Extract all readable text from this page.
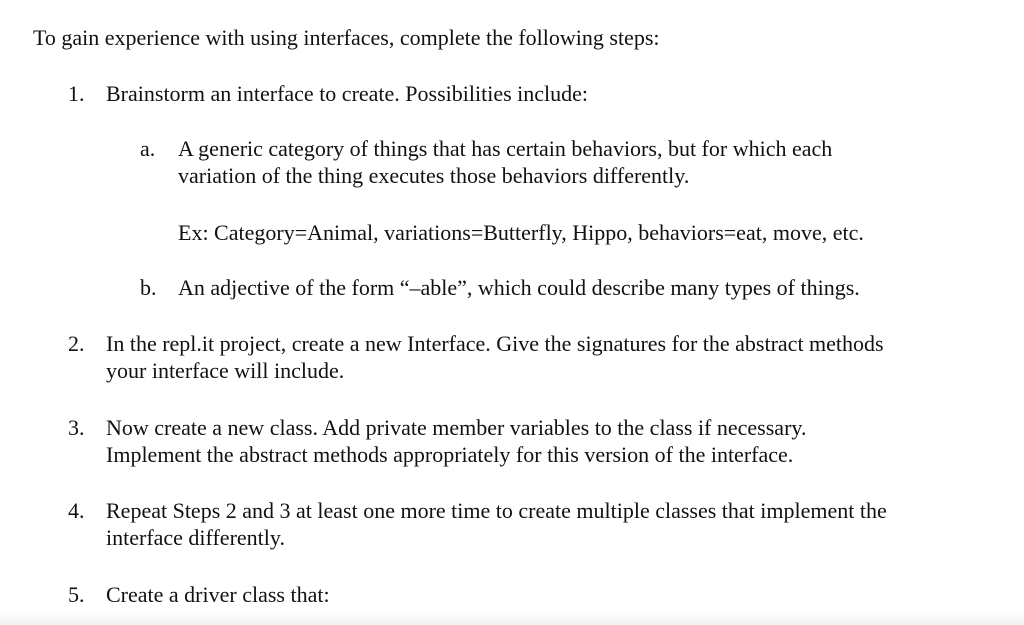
To gain experience with using interfaces, complete the following steps:
1. Brainstorm an interface to create. Possibilities include:
a. A generic category of things that has certain behaviors, but for which each
variation of the thing executes those behaviors differently.
Ex: Category=Animal, variations=Butterfly, Hippo, behaviors=eat, move, etc.
b. An adjective of the form “–able”, which could describe many types of things.
2. In the repl.it project, create a new Interface. Give the signatures for the abstract methods
your interface will include.
3. Now create a new class. Add private member variables to the class if necessary.
Implement the abstract methods appropriately for this version of the interface.
4. Repeat Steps 2 and 3 at least one more time to create multiple classes that implement the
interface differently.
5. Create a driver class that:
